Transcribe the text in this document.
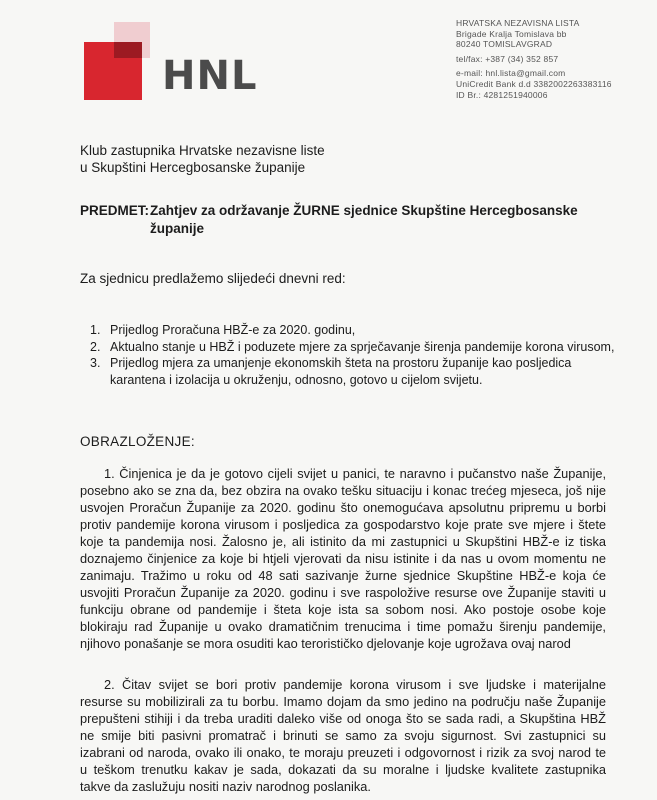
HNL
HRVATSKA NEZAVISNA LISTA
Brigade Kralja Tomislava bb
80240 TOMISLAVGRAD
tel/fax: +387 (34) 352 857
e-mail: hnl.lista@gmail.com
UniCredit Bank d.d 3382002263383116
ID Br.: 4281251940006
Klub zastupnika Hrvatske nezavisne liste
u Skupštini Hercegbosanske županije
PREDMET:Zahtjev za održavanje ŽURNE sjednice Skupštine Hercegbosanske
županije
Za sjednicu predlažemo slijedeći dnevni red:
1. Prijedlog Proračuna HBŽ-e za 2020. godinu,
2. Aktualno stanje u HBŽ i poduzete mjere za sprječavanje širenja pandemije korona virusom,
3. Prijedlog mjera za umanjenje ekonomskih šteta na prostoru županije kao posljedica karantena i izolacija u okruženju, odnosno, gotovo u cijelom svijetu.
OBRAZLOŽENJE:
1. Činjenica je da je gotovo cijeli svijet u panici, te naravno i pučanstvo naše Županije,
posebno ako se zna da, bez obzira na ovako tešku situaciju i konac trećeg mjeseca, još nije
usvojen Proračun Županije za 2020. godinu što onemogućava apsolutnu pripremu u borbi
protiv pandemije korona virusom i posljedica za gospodarstvo koje prate sve mjere i štete
koje ta pandemija nosi. Žalosno je, ali istinito da mi zastupnici u Skupštini HBŽ-e iz tiska
doznajemo činjenice za koje bi htjeli vjerovati da nisu istinite i da nas u ovom momentu ne
zanimaju. Tražimo u roku od 48 sati sazivanje žurne sjednice Skupštine HBŽ-e koja će
usvojiti Proračun Županije za 2020. godinu i sve raspoložive resurse ove Županije staviti u
funkciju obrane od pandemije i šteta koje ista sa sobom nosi. Ako postoje osobe koje
blokiraju rad Županije u ovako dramatičnim trenucima i time pomažu širenju pandemije,
njihovo ponašanje se mora osuditi kao terorističko djelovanje koje ugrožava ovaj narod
2. Čitav svijet se bori protiv pandemije korona virusom i sve ljudske i materijalne
resurse su mobilizirali za tu borbu. Imamo dojam da smo jedino na području naše Županije
prepušteni stihiji i da treba uraditi daleko više od onoga što se sada radi, a Skupština HBŽ
ne smije biti pasivni promatrač i brinuti se samo za svoju sigurnost. Svi zastupnici su
izabrani od naroda, ovako ili onako, te moraju preuzeti i odgovornost i rizik za svoj narod te
u teškom trenutku kakav je sada, dokazati da su moralne i ljudske kvalitete zastupnika
takve da zaslužuju nositi naziv narodnog poslanika.
